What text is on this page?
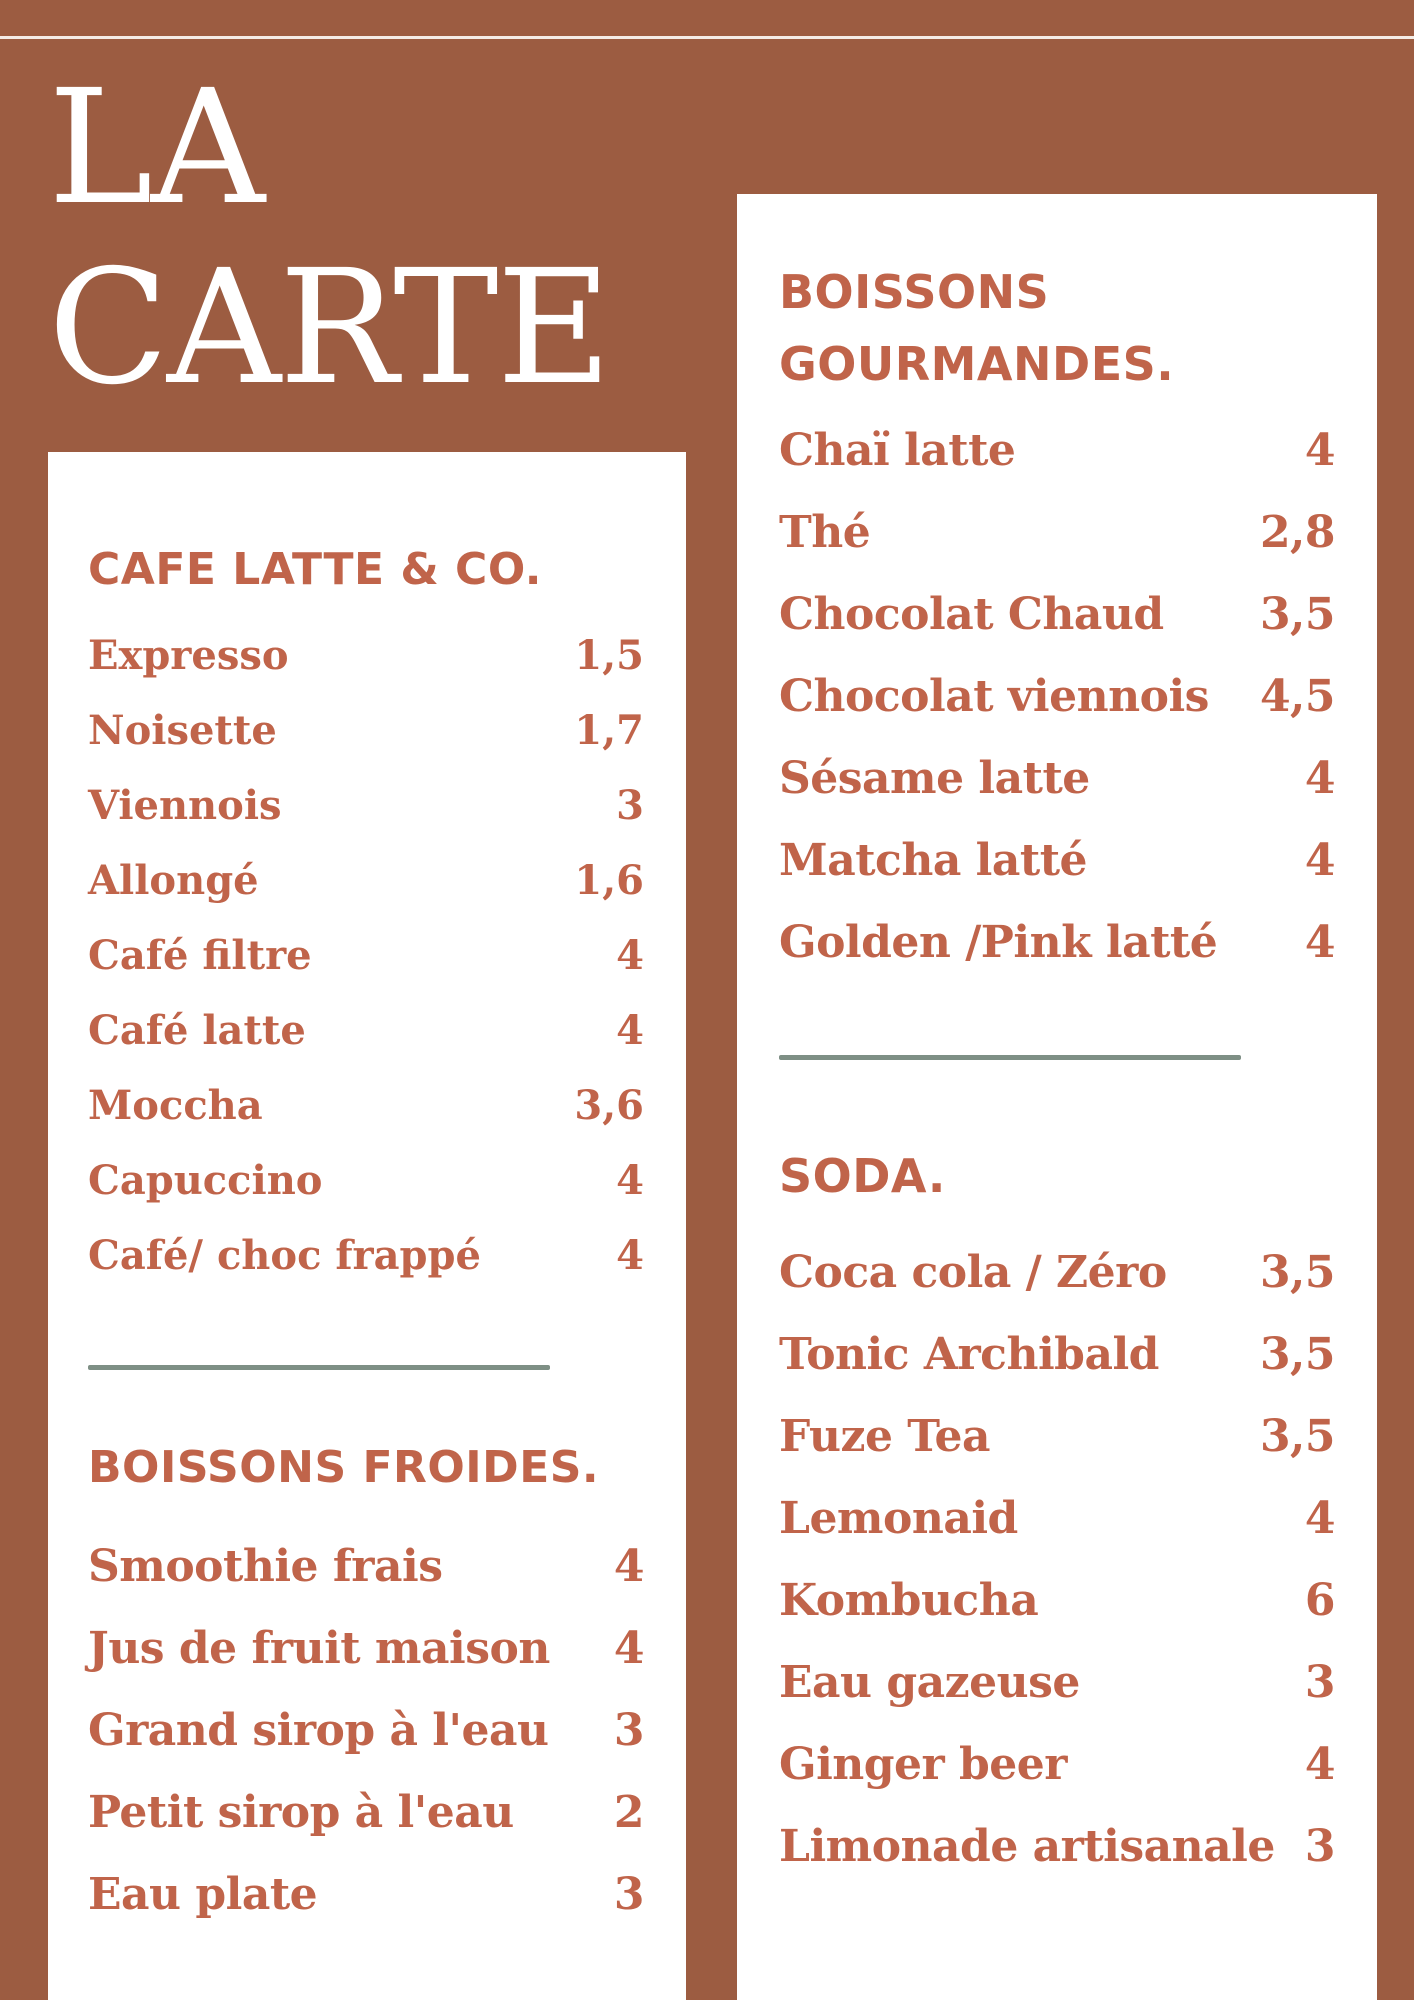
LA
CARTE
CAFE LATTE & CO.
Expresso	1,5
Noisette	1,7
Viennois	3
Allongé	1,6
Café filtre	4
Café latte	4
Moccha	3,6
Capuccino	4
Café/ choc frappé	4
BOISSONS FROIDES.
Smoothie frais	4
Jus de fruit maison 4
Grand sirop à l'eau 3
Petit sirop à l'eau 2
Eau plate	3
BOISSONS
GOURMANDES.
Chaï latte	4
Thé	2,8
Chocolat Chaud 3,5
Chocolat viennois 4,5
Sésame latte	4
Matcha latté	4
Golden /Pink latté 4
SODA.
Coca cola / Zéro 3,5
Tonic Archibald 3,5
Fuze Tea	3,5
Lemonaid	4
Kombucha	6
Eau gazeuse	3
Ginger beer	4
Limonade artisanale 3
